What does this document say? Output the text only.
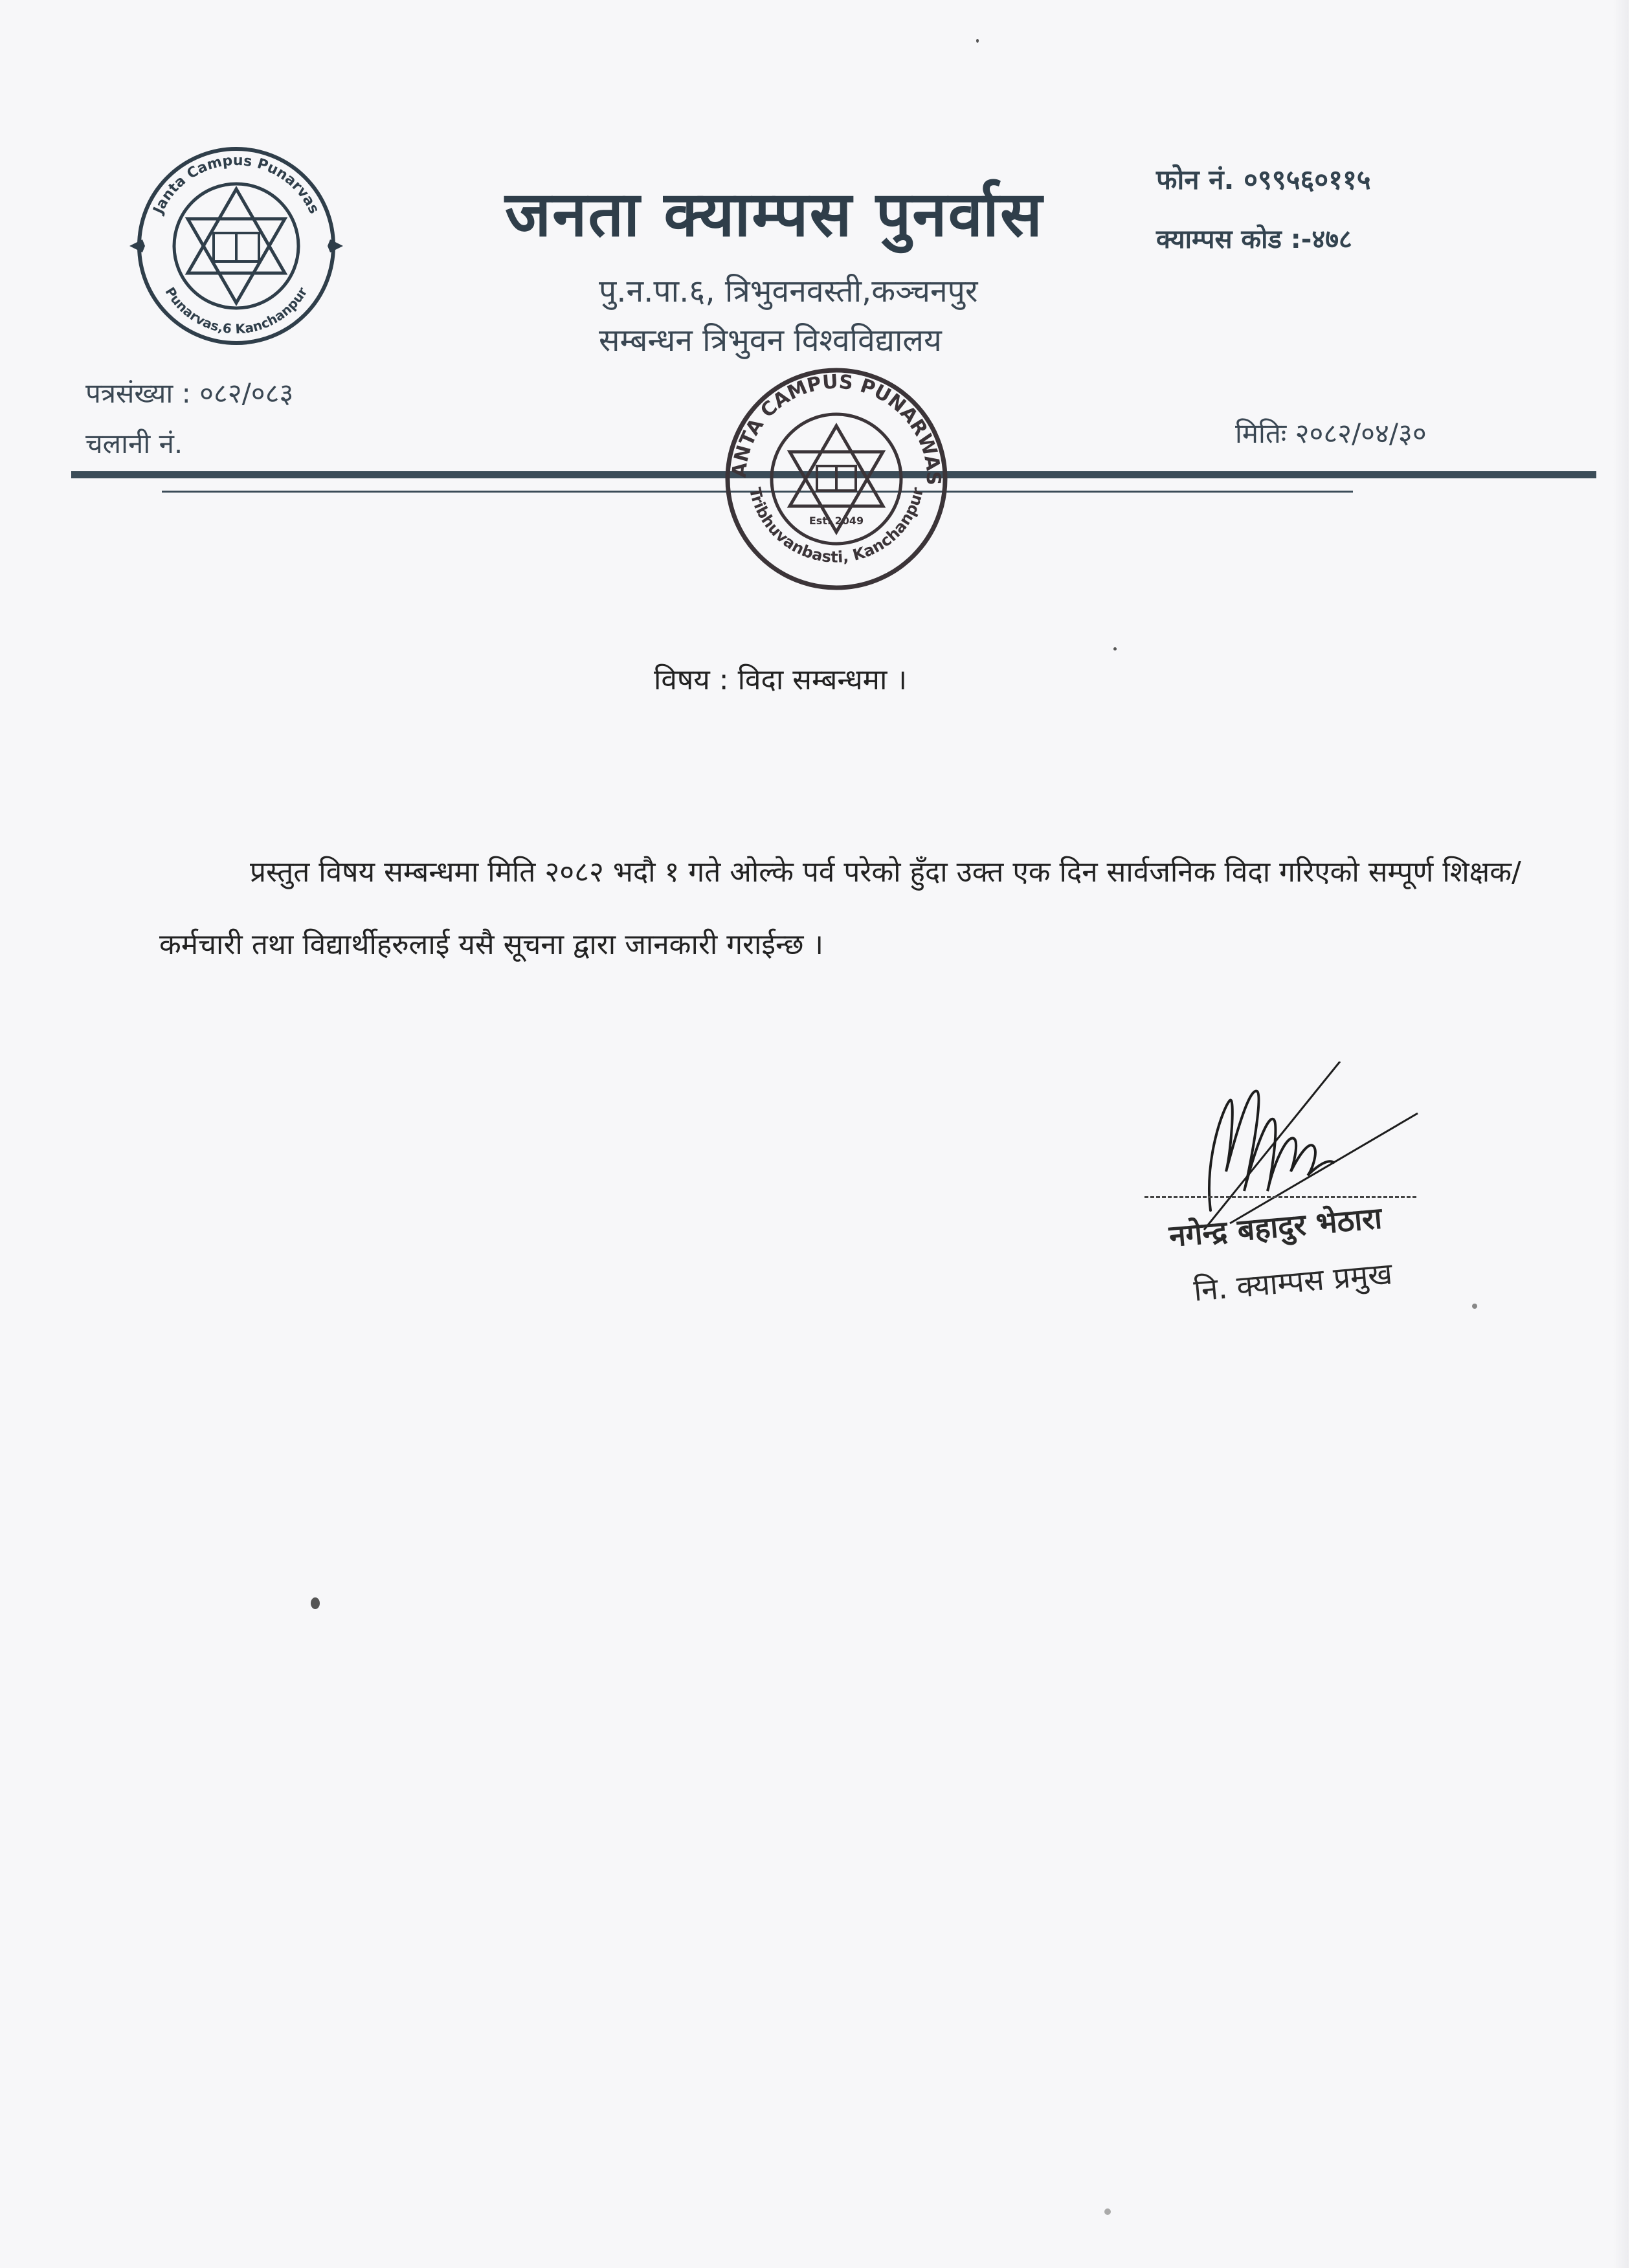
Janta Campus Punarvas
Punarvas,6 Kanchanpur
जनता क्याम्पस पुनर्वास	फोन नं. ०९९५६०११५
क्याम्पस कोड :-४७८
पु.न.पा.६, त्रिभुवनवस्ती,कञ्चनपुर
सम्बन्धन त्रिभुवन विश्वविद्यालय
पत्रसंख्या : ०८२/०८३
चलानी नं.	मितिः २०८२/०४/३०
ANTA CAMPUS PUNARWAS
Tribhuvanbasti, Kanchanpur
Est. 2049
विषय : विदा सम्बन्धमा ।

प्रस्तुत विषय सम्बन्धमा मिति २०८२ भदौ १ गते ओल्के पर्व परेको हुँदा उक्त एक दिन सार्वजनिक विदा गरिएको सम्पूर्ण शिक्षक/कर्मचारी तथा विद्यार्थीहरुलाई यसै सूचना द्वारा जानकारी गराईन्छ ।

नगेन्द्र बहादुर भेठारा
नि. क्याम्पस प्रमुख
